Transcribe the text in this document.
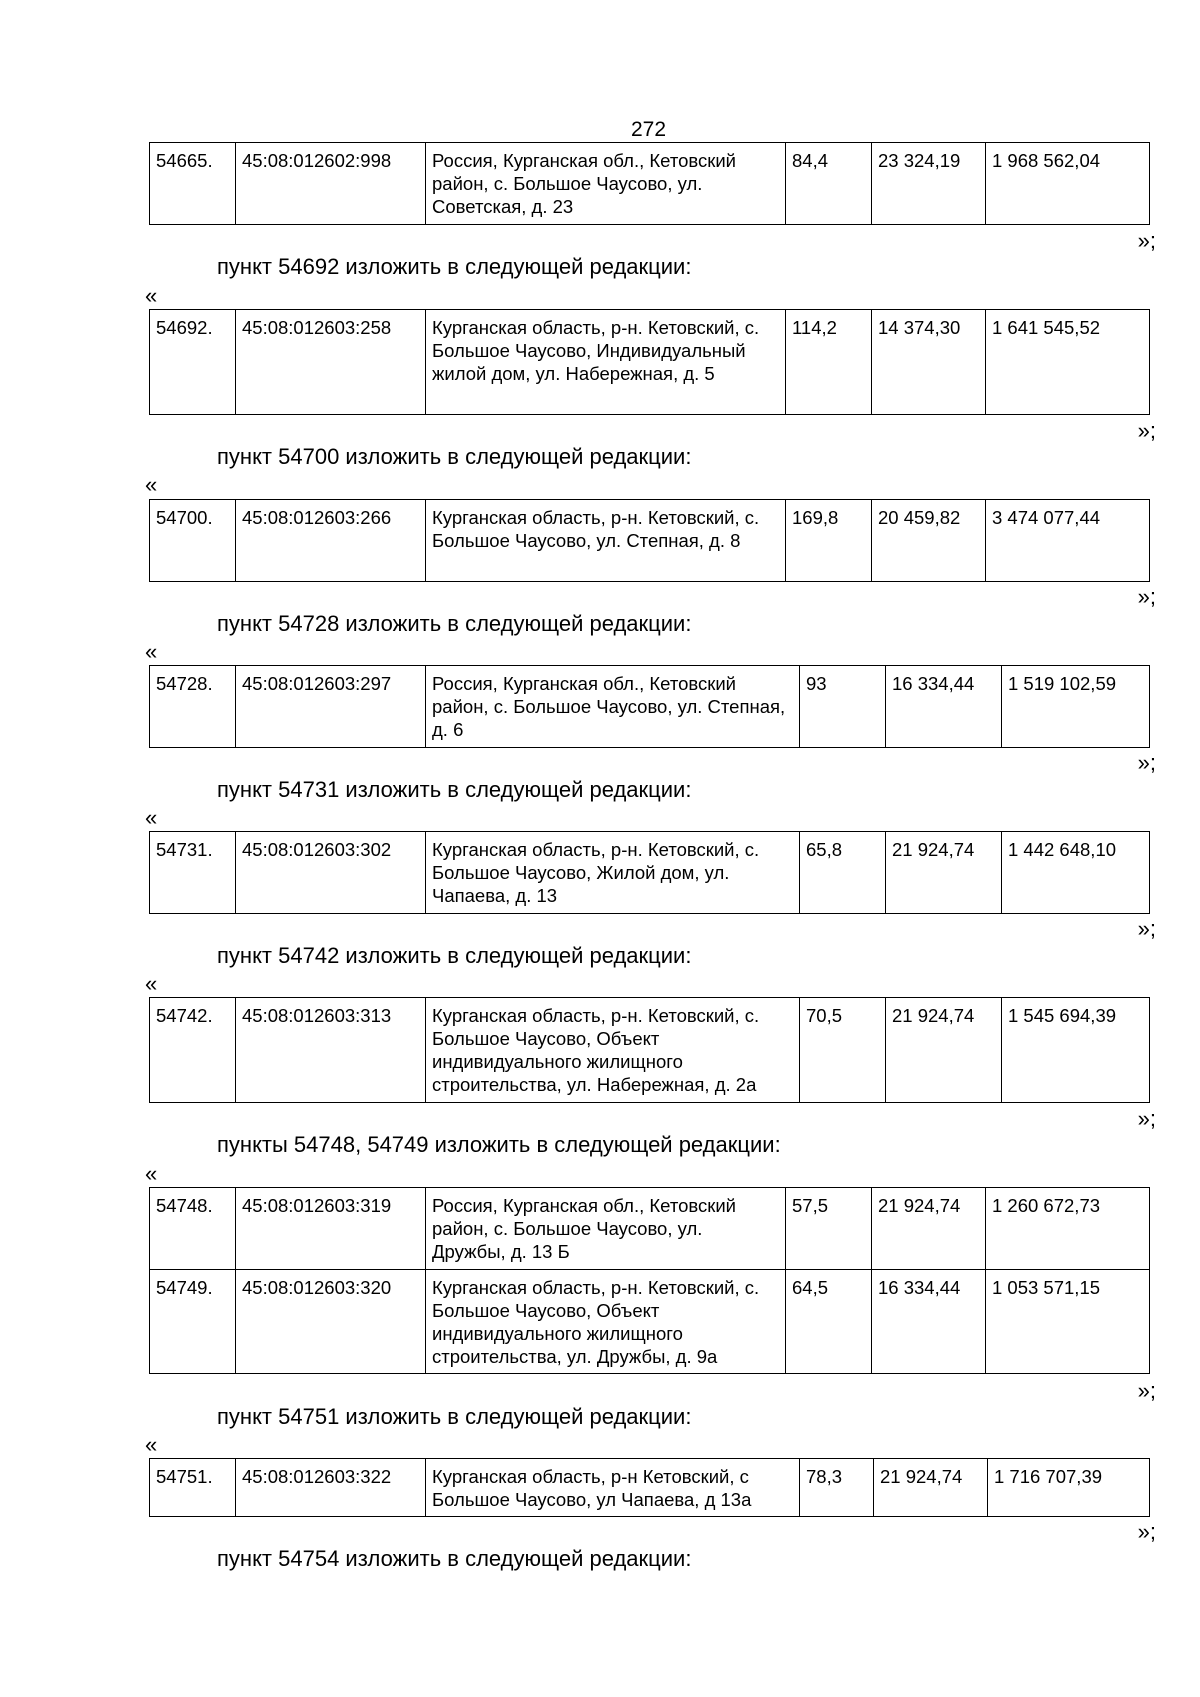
272
54665.	45:08:012602:998	Россия, Курганская обл., Кетовский район, с. Большое Чаусово, ул. Советская, д. 23	84,4	23 324,19	1 968 562,04
»;
пункт 54692 изложить в следующей редакции:
«
54692.	45:08:012603:258	Курганская область, р-н. Кетовский, с. Большое Чаусово, Индивидуальный жилой дом, ул. Набережная, д. 5	114,2	14 374,30	1 641 545,52
»;
пункт 54700 изложить в следующей редакции:
«
54700.	45:08:012603:266	Курганская область, р-н. Кетовский, с. Большое Чаусово, ул. Степная, д. 8	169,8	20 459,82	3 474 077,44
»;
пункт 54728 изложить в следующей редакции:
«
54728.	45:08:012603:297	Россия, Курганская обл., Кетовский район, с. Большое Чаусово, ул. Степная, д. 6	93	16 334,44	1 519 102,59
»;
пункт 54731 изложить в следующей редакции:
«
54731.	45:08:012603:302	Курганская область, р-н. Кетовский, с. Большое Чаусово, Жилой дом, ул. Чапаева, д. 13	65,8	21 924,74	1 442 648,10
»;
пункт 54742 изложить в следующей редакции:
«
54742.	45:08:012603:313	Курганская область, р-н. Кетовский, с. Большое Чаусово, Объект индивидуального жилищного строительства, ул. Набережная, д. 2а	70,5	21 924,74	1 545 694,39
»;
пункты 54748, 54749 изложить в следующей редакции:
«
54748.	45:08:012603:319	Россия, Курганская обл., Кетовский район, с. Большое Чаусово, ул. Дружбы, д. 13 Б	57,5	21 924,74	1 260 672,73
54749.	45:08:012603:320	Курганская область, р-н. Кетовский, с. Большое Чаусово, Объект индивидуального жилищного строительства, ул. Дружбы, д. 9а	64,5	16 334,44	1 053 571,15
»;
пункт 54751 изложить в следующей редакции:
«
54751.	45:08:012603:322	Курганская область, р-н Кетовский, с Большое Чаусово, ул Чапаева, д 13а	78,3	21 924,74	1 716 707,39
»;
пункт 54754 изложить в следующей редакции:
